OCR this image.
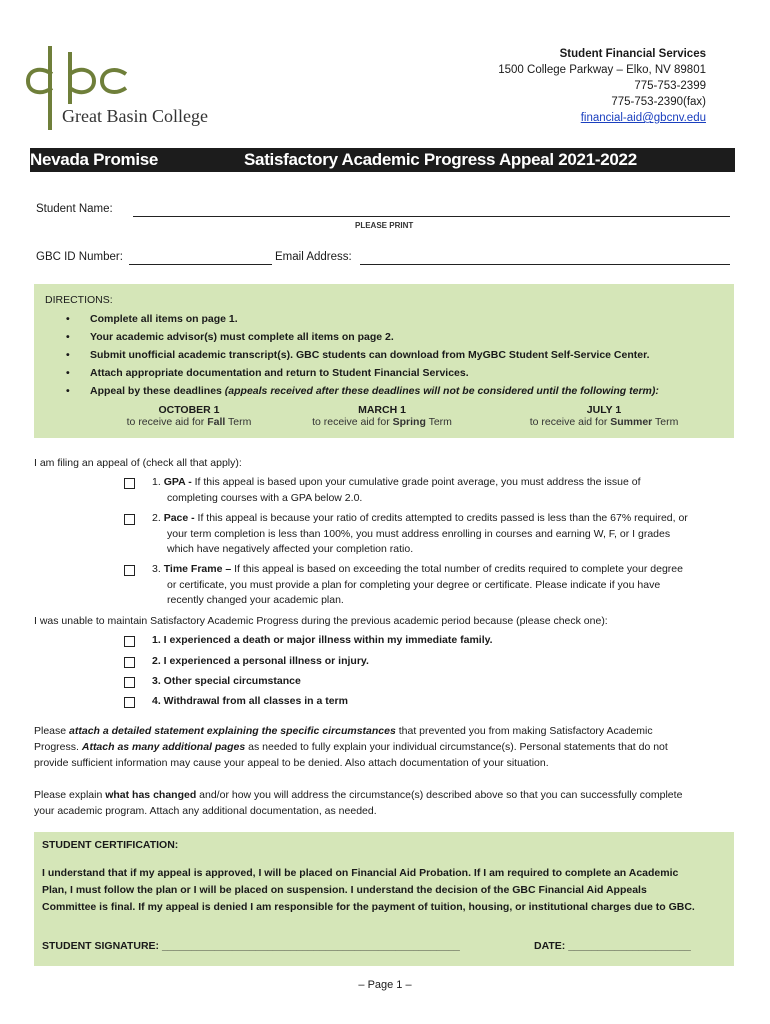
Great Basin College
Student Financial Services
1500 College Parkway – Elko, NV 89801
775-753-2399
775-753-2390(fax)
financial-aid@gbcnv.edu
Nevada Promise	Satisfactory Academic Progress Appeal 2021-2022
Student Name:
PLEASE PRINT
GBC ID Number:	Email Address:
DIRECTIONS:
• Complete all items on page 1.
• Your academic advisor(s) must complete all items on page 2.
• Submit unofficial academic transcript(s). GBC students can download from MyGBC Student Self-Service Center.
• Attach appropriate documentation and return to Student Financial Services.
• Appeal by these deadlines (appeals received after these deadlines will not be considered until the following term):
OCTOBER 1
to receive aid for Fall Term
MARCH 1
to receive aid for Spring Term
JULY 1
to receive aid for Summer Term
I am filing an appeal of (check all that apply):
1. GPA - If this appeal is based upon your cumulative grade point average, you must address the issue of
completing courses with a GPA below 2.0.
2. Pace - If this appeal is because your ratio of credits attempted to credits passed is less than the 67% required, or
your term completion is less than 100%, you must address enrolling in courses and earning W, F, or I grades
which have negatively affected your completion ratio.
3. Time Frame – If this appeal is based on exceeding the total number of credits required to complete your degree
or certificate, you must provide a plan for completing your degree or certificate. Please indicate if you have
recently changed your academic plan.
I was unable to maintain Satisfactory Academic Progress during the previous academic period because (please check one):
1. I experienced a death or major illness within my immediate family.
2. I experienced a personal illness or injury.
3. Other special circumstance
4. Withdrawal from all classes in a term
Please attach a detailed statement explaining the specific circumstances that prevented you from making Satisfactory Academic
Progress. Attach as many additional pages as needed to fully explain your individual circumstance(s). Personal statements that do not
provide sufficient information may cause your appeal to be denied. Also attach documentation of your situation.
Please explain what has changed and/or how you will address the circumstance(s) described above so that you can successfully complete
your academic program. Attach any additional documentation, as needed.
STUDENT CERTIFICATION:
I understand that if my appeal is approved, I will be placed on Financial Aid Probation. If I am required to complete an Academic
Plan, I must follow the plan or I will be placed on suspension. I understand the decision of the GBC Financial Aid Appeals
Committee is final. If my appeal is denied I am responsible for the payment of tuition, housing, or institutional charges due to GBC.
STUDENT SIGNATURE: ___________________________________________________	DATE: _____________________
– Page 1 –
